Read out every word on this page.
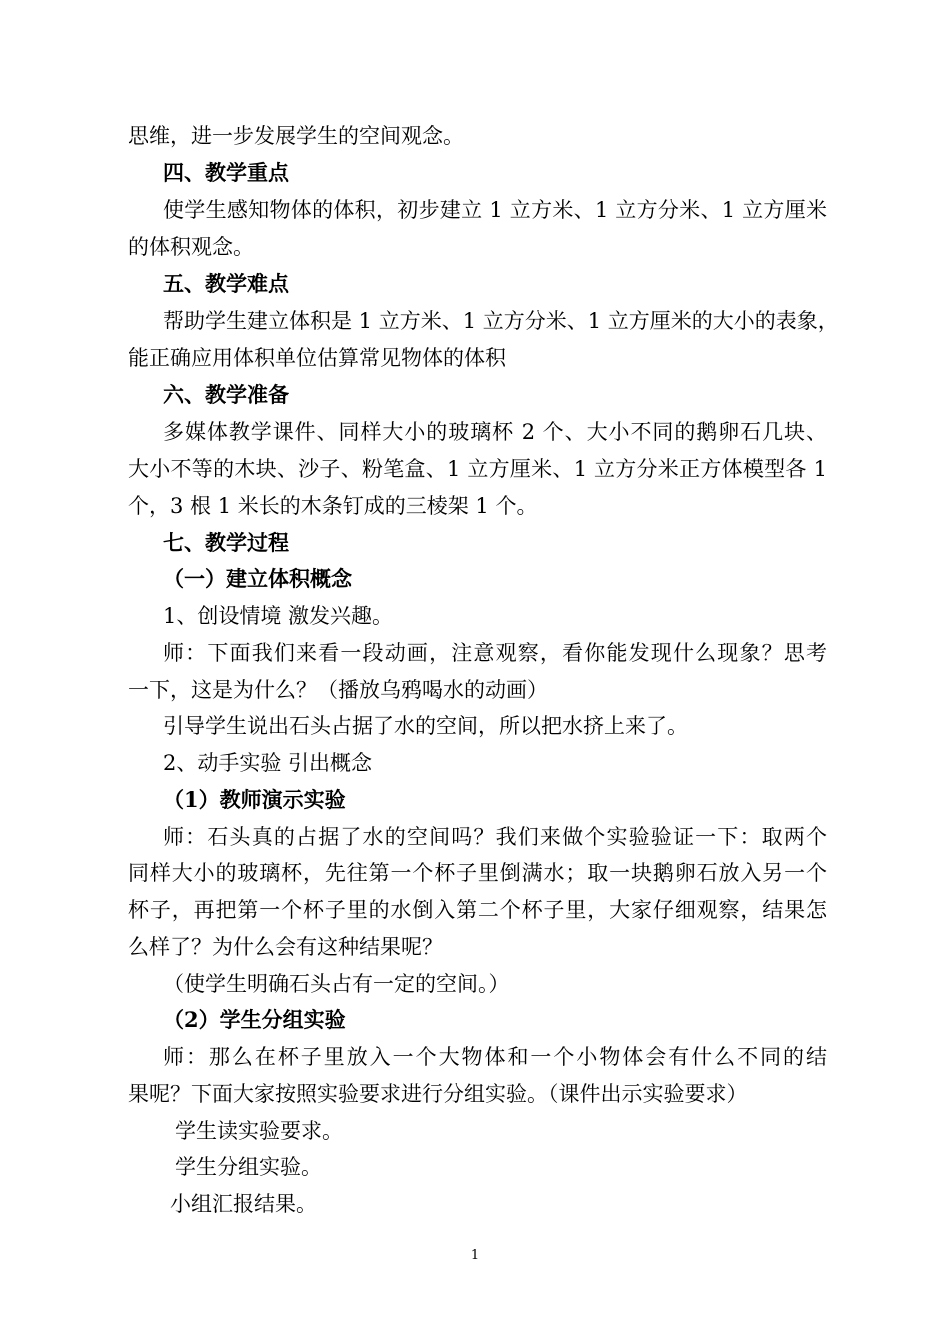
思维，进一步发展学生的空间观念。
四、教学重点
使学生感知物体的体积，初步建立 1 立方米、1 立方分米、1 立方厘米
的体积观念。
五、教学难点
帮助学生建立体积是 1 立方米、1 立方分米、1 立方厘米的大小的表象，
能正确应用体积单位估算常见物体的体积
六、教学准备
多媒体教学课件、同样大小的玻璃杯 2 个、大小不同的鹅卵石几块、
大小不等的木块、沙子、粉笔盒、1 立方厘米、1 立方分米正方体模型各 1
个，3 根 1 米长的木条钉成的三棱架 1 个。
七、教学过程
（一）建立体积概念
1、创设情境 激发兴趣。
师：下面我们来看一段动画，注意观察，看你能发现什么现象？思考
一下，这是为什么？（播放乌鸦喝水的动画）
引导学生说出石头占据了水的空间，所以把水挤上来了。
2、动手实验 引出概念
（1）教师演示实验
师：石头真的占据了水的空间吗？我们来做个实验验证一下：取两个
同样大小的玻璃杯，先往第一个杯子里倒满水；取一块鹅卵石放入另一个
杯子，再把第一个杯子里的水倒入第二个杯子里，大家仔细观察，结果怎
么样了？为什么会有这种结果呢？
（使学生明确石头占有一定的空间。）
（2）学生分组实验
师：那么在杯子里放入一个大物体和一个小物体会有什么不同的结
果呢？下面大家按照实验要求进行分组实验。（课件出示实验要求）
学生读实验要求。
学生分组实验。
小组汇报结果。
1
